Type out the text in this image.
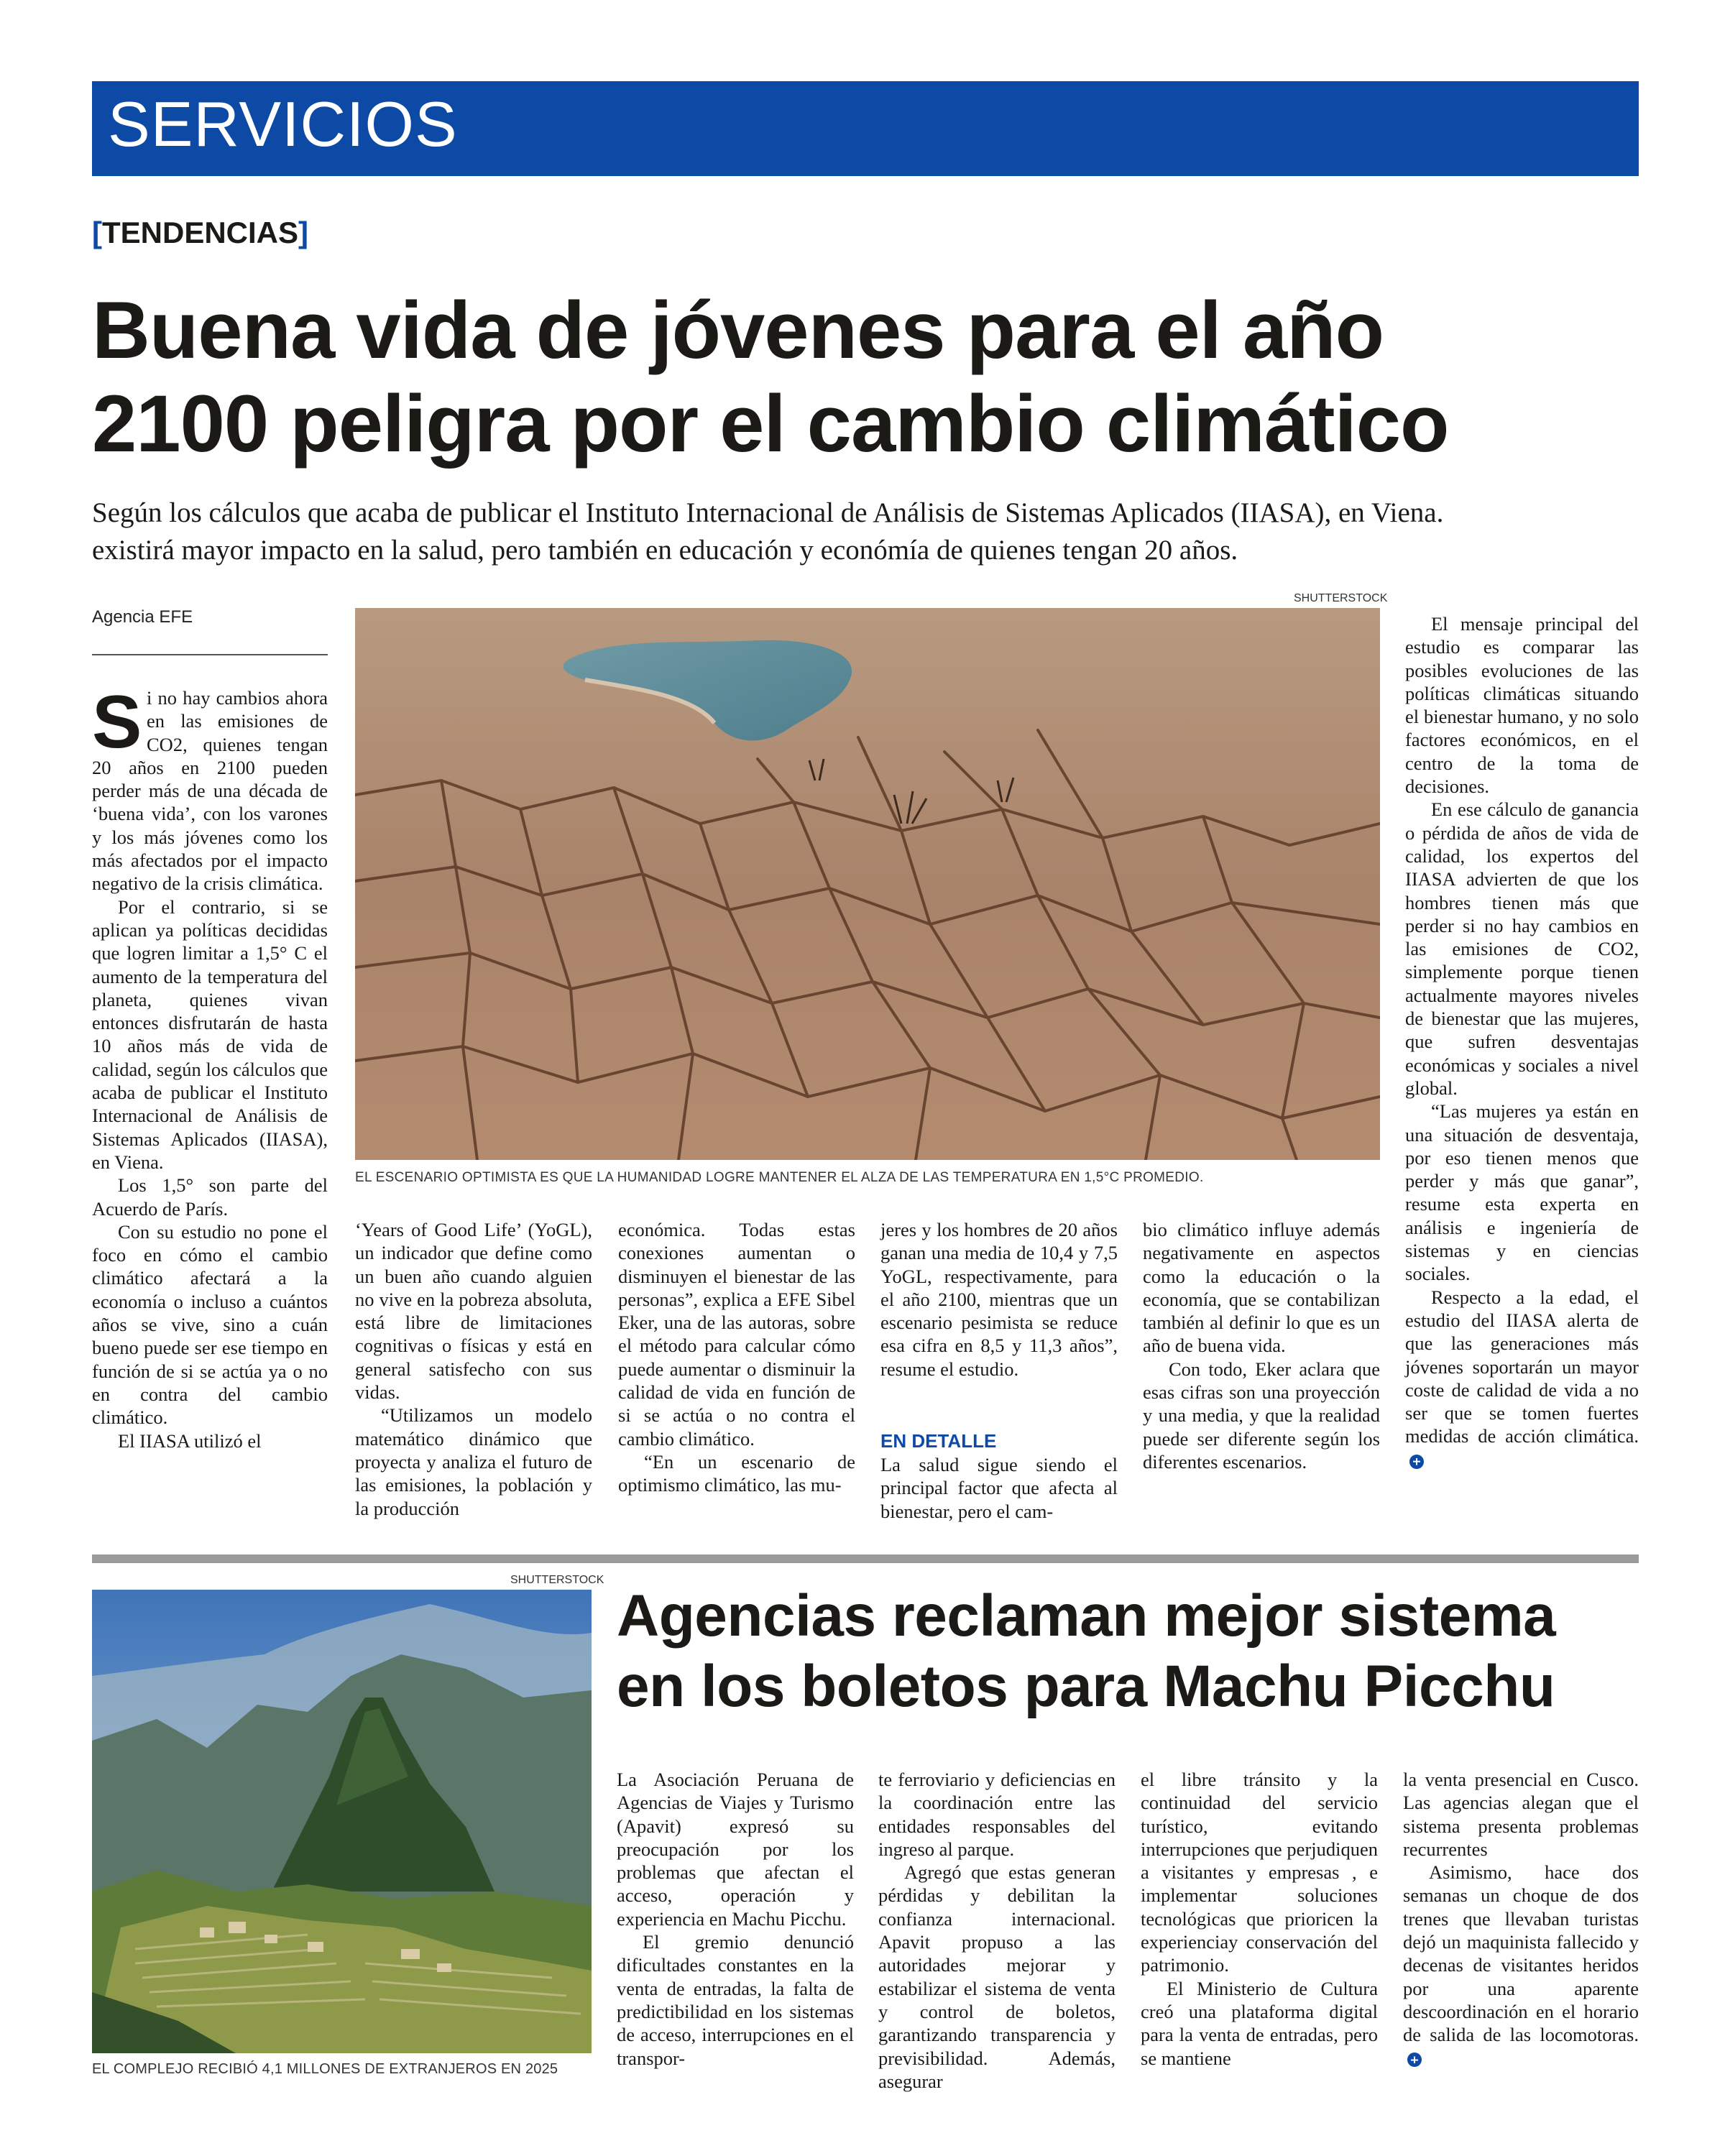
SERVICIOS
[TENDENCIAS]
Buena vida de jóvenes para el año
2100 peligra por el cambio climático
Según los cálculos que acaba de publicar el Instituto Internacional de Análisis de Sistemas Aplicados (IIASA), en Viena.
existirá mayor impacto en la salud, pero también en educación y económía de quienes tengan 20 años.
Agencia EFE
S i no hay cambios ahora en las emisiones de CO2, quienes tengan 20 años en 2100 pueden perder más de una década de ‘buena vida’, con los varones y los más jóvenes como los más afectados por el impacto negativo de la crisis climática.

Por el contrario, si se aplican ya políticas decididas que logren limitar a 1,5° C el aumento de la temperatura del planeta, quienes vivan entonces disfrutarán de hasta 10 años más de vida de calidad, según los cálculos que acaba de publicar el Instituto Internacional de Análisis de Sistemas Aplicados (IIASA), en Viena.

Los 1,5° son parte del Acuerdo de París.

Con su estudio no pone el foco en cómo el cambio climático afectará a la economía o incluso a cuántos años se vive, sino a cuán bueno puede ser ese tiempo en función de si se actúa ya o no en contra del cambio climático.

El IIASA utilizó el

SHUTTERSTOCK
EL ESCENARIO OPTIMISTA ES QUE LA HUMANIDAD LOGRE MANTENER EL ALZA DE LAS TEMPERATURA EN 1,5°C PROMEDIO.

‘Years of Good Life’ (YoGL), un indicador que define como un buen año cuando alguien no vive en la pobreza absoluta, está libre de limitaciones cognitivas o físicas y está en general satisfecho con sus vidas.

“Utilizamos un modelo matemático dinámico que proyecta y analiza el futuro de las emisiones, la población y la producción

económica. Todas estas conexiones aumentan o disminuyen el bienestar de las personas”, explica a EFE Sibel Eker, una de las autoras, sobre el método para calcular cómo puede aumentar o disminuir la calidad de vida en función de si se actúa o no contra el cambio climático.

“En un escenario de optimismo climático, las mu-

jeres y los hombres de 20 años ganan una media de 10,4 y 7,5 YoGL, respectivamente, para el año 2100, mientras que un escenario pesimista se reduce esa cifra en 8,5 y 11,3 años”, resume el estudio.

EN DETALLE

La salud sigue siendo el principal factor que afecta al bienestar, pero el cam-

bio climático influye además negativamente en aspectos como la educación o la economía, que se contabilizan también al definir lo que es un año de buena vida.

Con todo, Eker aclara que esas cifras son una proyección y una media, y que la realidad puede ser diferente según los diferentes escenarios.

El mensaje principal del estudio es comparar las posibles evoluciones de las políticas climáticas situando el bienestar humano, y no solo factores económicos, en el centro de la toma de decisiones.

En ese cálculo de ganancia o pérdida de años de vida de calidad, los expertos del IIASA advierten de que los hombres tienen más que perder si no hay cambios en las emisiones de CO2, simplemente porque tienen actualmente mayores niveles de bienestar que las mujeres, que sufren desventajas económicas y sociales a nivel global.

“Las mujeres ya están en una situación de desventaja, por eso tienen menos que perder y más que ganar”, resume esta experta en análisis e ingeniería de sistemas y en ciencias sociales.

Respecto a la edad, el estudio del IIASA alerta de que las generaciones más jóvenes soportarán un mayor coste de calidad de vida a no ser que se tomen fuertes medidas de acción climática.

SHUTTERSTOCK
EL COMPLEJO RECIBIÓ 4,1 MILLONES DE EXTRANJEROS EN 2025
Agencias reclaman mejor sistema
en los boletos para Machu Picchu

La Asociación Peruana de Agencias de Viajes y Turismo (Apavit) expresó su preocupación por los problemas que afectan el acceso, operación y experiencia en Machu Picchu.

El gremio denunció dificultades constantes en la venta de entradas, la falta de predictibilidad en los sistemas de acceso, interrupciones en el transpor-

te ferroviario y deficiencias en la coordinación entre las entidades responsables del ingreso al parque.

Agregó que estas generan pérdidas y debilitan la confianza internacional. Apavit propuso a las autoridades mejorar y estabilizar el sistema de venta y control de boletos, garantizando transparencia y previsibilidad. Además, asegurar

el libre tránsito y la continuidad del servicio turístico, evitando interrupciones que perjudiquen a visitantes y empresas , e implementar soluciones tecnológicas que prioricen la experienciay conservación del patrimonio.

El Ministerio de Cultura creó una plataforma digital para la venta de entradas, pero se mantiene

la venta presencial en Cusco. Las agencias alegan que el sistema presenta problemas recurrentes

Asimismo, hace dos semanas un choque de dos trenes que llevaban turistas dejó un maquinista fallecido y decenas de visitantes heridos por una aparente descoordinación en el horario de salida de las locomotoras.
